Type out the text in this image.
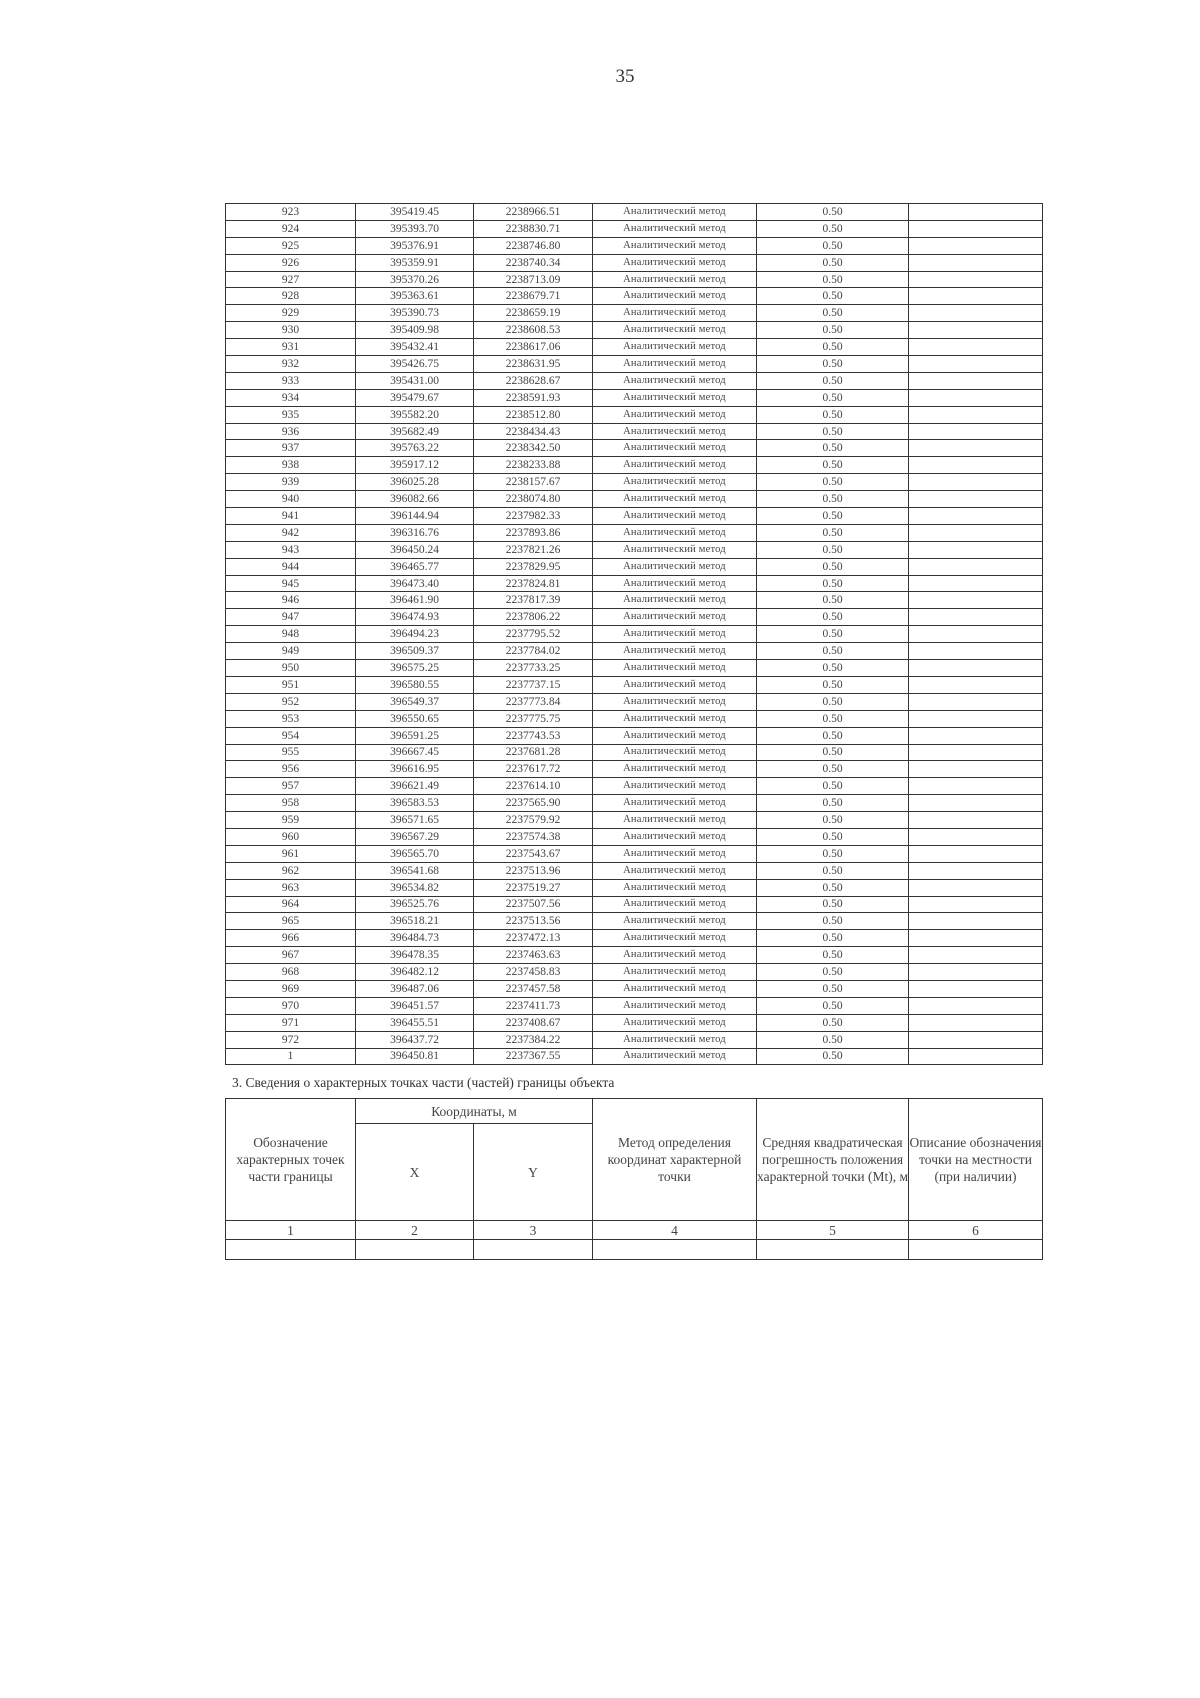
35
923	395419.45	2238966.51	Аналитический метод	0.50	
924	395393.70	2238830.71	Аналитический метод	0.50	
925	395376.91	2238746.80	Аналитический метод	0.50	
926	395359.91	2238740.34	Аналитический метод	0.50	
927	395370.26	2238713.09	Аналитический метод	0.50	
928	395363.61	2238679.71	Аналитический метод	0.50	
929	395390.73	2238659.19	Аналитический метод	0.50	
930	395409.98	2238608.53	Аналитический метод	0.50	
931	395432.41	2238617.06	Аналитический метод	0.50	
932	395426.75	2238631.95	Аналитический метод	0.50	
933	395431.00	2238628.67	Аналитический метод	0.50	
934	395479.67	2238591.93	Аналитический метод	0.50	
935	395582.20	2238512.80	Аналитический метод	0.50	
936	395682.49	2238434.43	Аналитический метод	0.50	
937	395763.22	2238342.50	Аналитический метод	0.50	
938	395917.12	2238233.88	Аналитический метод	0.50	
939	396025.28	2238157.67	Аналитический метод	0.50	
940	396082.66	2238074.80	Аналитический метод	0.50	
941	396144.94	2237982.33	Аналитический метод	0.50	
942	396316.76	2237893.86	Аналитический метод	0.50	
943	396450.24	2237821.26	Аналитический метод	0.50	
944	396465.77	2237829.95	Аналитический метод	0.50	
945	396473.40	2237824.81	Аналитический метод	0.50	
946	396461.90	2237817.39	Аналитический метод	0.50	
947	396474.93	2237806.22	Аналитический метод	0.50	
948	396494.23	2237795.52	Аналитический метод	0.50	
949	396509.37	2237784.02	Аналитический метод	0.50	
950	396575.25	2237733.25	Аналитический метод	0.50	
951	396580.55	2237737.15	Аналитический метод	0.50	
952	396549.37	2237773.84	Аналитический метод	0.50	
953	396550.65	2237775.75	Аналитический метод	0.50	
954	396591.25	2237743.53	Аналитический метод	0.50	
955	396667.45	2237681.28	Аналитический метод	0.50	
956	396616.95	2237617.72	Аналитический метод	0.50	
957	396621.49	2237614.10	Аналитический метод	0.50	
958	396583.53	2237565.90	Аналитический метод	0.50	
959	396571.65	2237579.92	Аналитический метод	0.50	
960	396567.29	2237574.38	Аналитический метод	0.50	
961	396565.70	2237543.67	Аналитический метод	0.50	
962	396541.68	2237513.96	Аналитический метод	0.50	
963	396534.82	2237519.27	Аналитический метод	0.50	
964	396525.76	2237507.56	Аналитический метод	0.50	
965	396518.21	2237513.56	Аналитический метод	0.50	
966	396484.73	2237472.13	Аналитический метод	0.50	
967	396478.35	2237463.63	Аналитический метод	0.50	
968	396482.12	2237458.83	Аналитический метод	0.50	
969	396487.06	2237457.58	Аналитический метод	0.50	
970	396451.57	2237411.73	Аналитический метод	0.50	
971	396455.51	2237408.67	Аналитический метод	0.50	
972	396437.72	2237384.22	Аналитический метод	0.50	
1	396450.81	2237367.55	Аналитический метод	0.50	
3. Сведения о характерных точках части (частей) границы объекта
Обозначение характерных точек части границы	Координаты, м		Метод определения координат характерной точки	Средняя квадратическая погрешность положения характерной точки (Mt), м	Описание обозначения точки на местности (при наличии)
	X	Y			
1	2	3	4	5	6
